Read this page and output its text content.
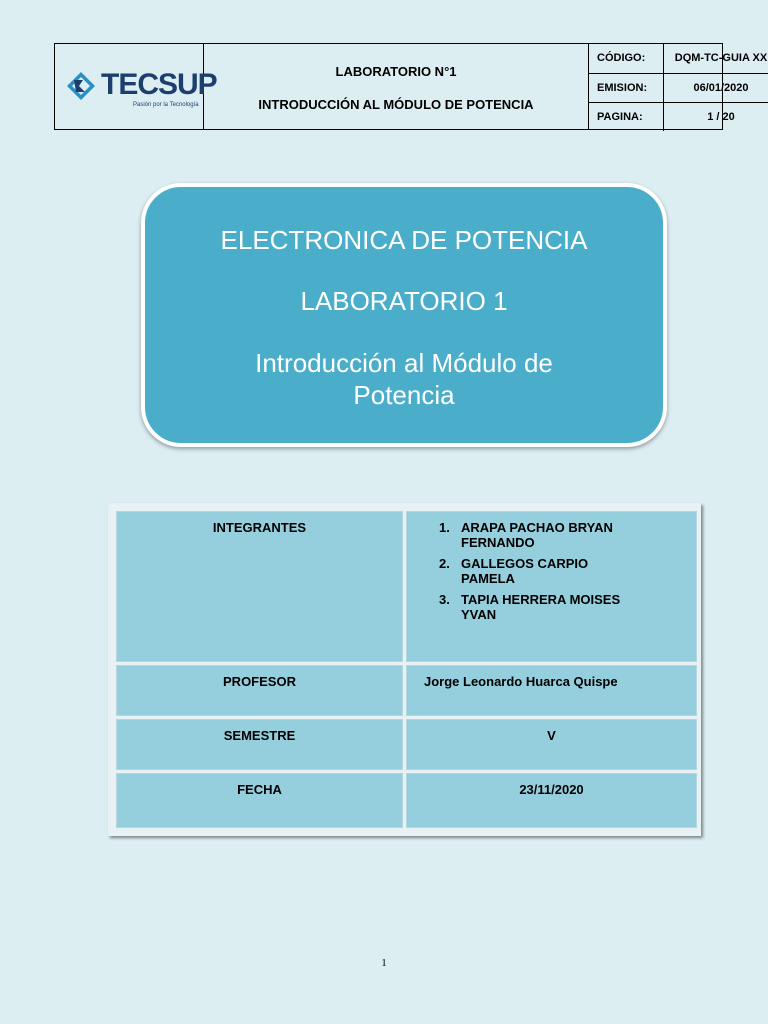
TECSUP
Pasión por la Tecnología
LABORATORIO N°1
INTRODUCCIÓN AL MÓDULO DE POTENCIA
CÓDIGO:	DQM-TC-GUIA XX
EMISION:	06/01/2020
PAGINA:	1 / 20
ELECTRONICA DE POTENCIA
LABORATORIO 1
Introducción al Módulo de
Potencia
INTEGRANTES	1. ARAPA PACHAO BRYAN
FERNANDO
2. GALLEGOS CARPIO
PAMELA
3. TAPIA HERRERA MOISES
YVAN
PROFESOR	Jorge Leonardo Huarca Quispe
SEMESTRE	V
FECHA	23/11/2020
1
